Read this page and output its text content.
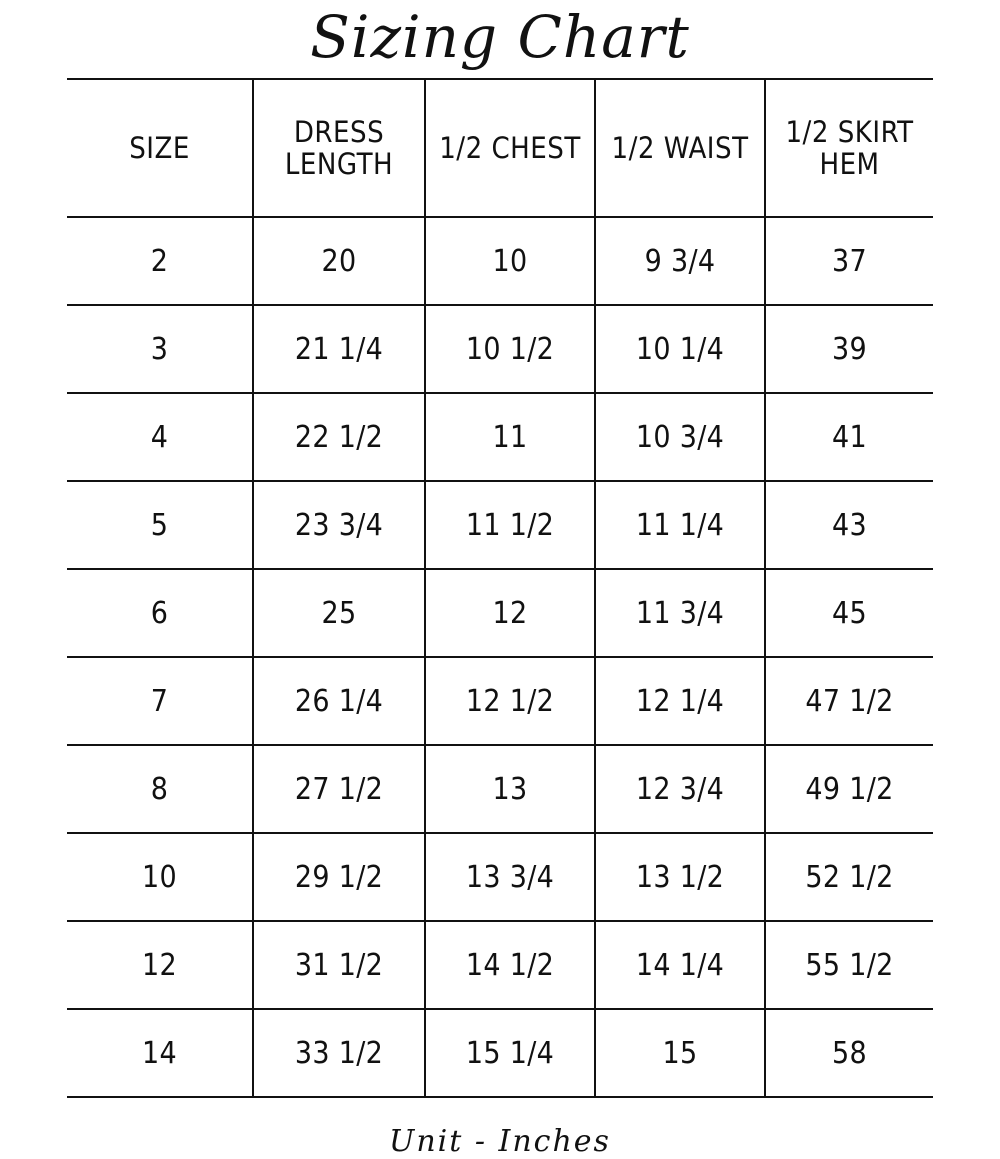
Sizing Chart
SIZE	DRESS LENGTH	1/2 CHEST	1/2 WAIST	1/2 SKIRT HEM
2	20	10	9 3/4	37
3	21 1/4	10 1/2	10 1/4	39
4	22 1/2	11	10 3/4	41
5	23 3/4	11 1/2	11 1/4	43
6	25	12	11 3/4	45
7	26 1/4	12 1/2	12 1/4	47 1/2
8	27 1/2	13	12 3/4	49 1/2
10	29 1/2	13 3/4	13 1/2	52 1/2
12	31 1/2	14 1/2	14 1/4	55 1/2
14	33 1/2	15 1/4	15	58
Unit - Inches
